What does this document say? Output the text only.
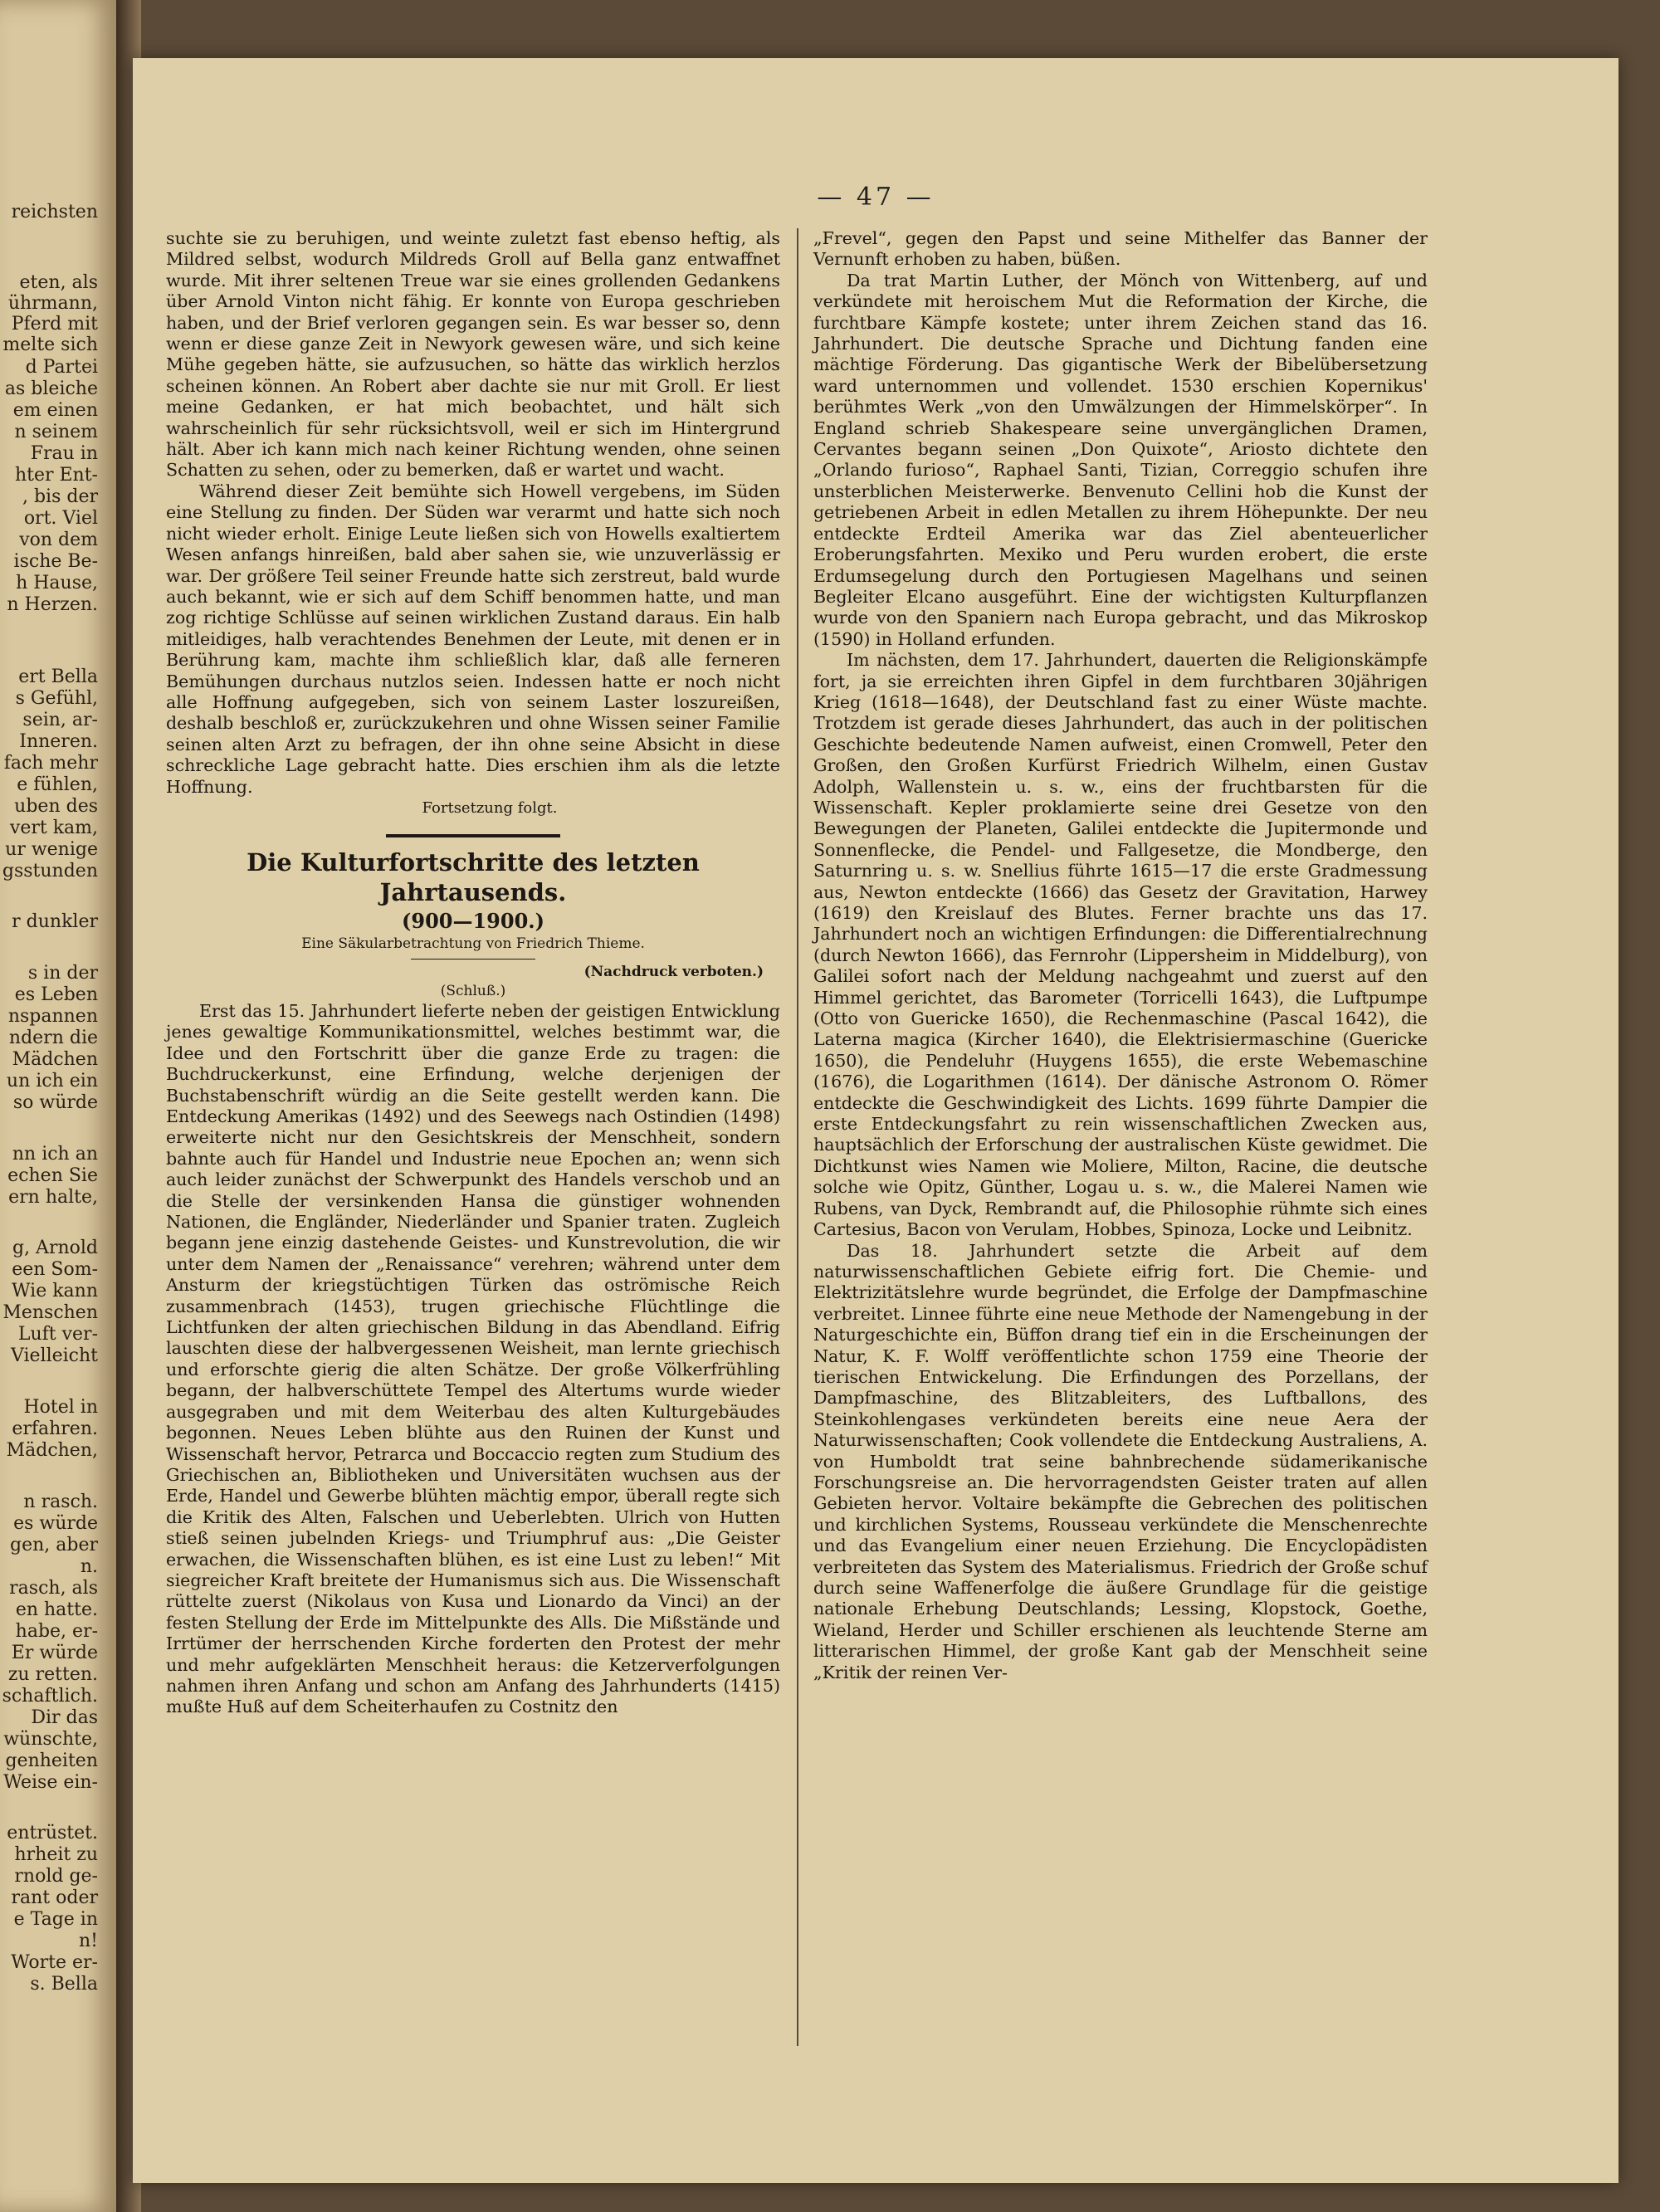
reichsten
eten, als
ührmann,
Pferd mit
melte sich
d Partei
as bleiche
em einen
n seinem
Frau in
hter Ent-
, bis der
ort. Viel
von dem
ische Be-
h Hause,
n Herzen.
ert Bella
s Gefühl,
sein, ar-
Inneren.
fach mehr
e fühlen,
uben des
vert kam,
ur wenige
gsstunden
r dunkler
s in der
es Leben
nspannen
ndern die
Mädchen
un ich ein
so würde
nn ich an
echen Sie
ern halte,
g, Arnold
een Som-
Wie kann
Menschen
Luft ver-
Vielleicht
Hotel in
erfahren.
Mädchen,
n rasch.
es würde
gen, aber
n.
rasch, als
en hatte.
habe, er-
Er würde
zu retten.
schaftlich.
Dir das
wünschte,
genheiten
Weise ein-
entrüstet.
hrheit zu
rnold ge-
rant oder
e Tage in
n!
Worte er-
s. Bella
— 47 —

suchte sie zu beruhigen, und weinte zuletzt fast ebenso heftig, als Mildred selbst, wodurch Mildreds Groll auf Bella ganz entwaffnet wurde. Mit ihrer seltenen Treue war sie eines grollenden Gedankens über Arnold Vinton nicht fähig. Er konnte von Europa geschrieben haben, und der Brief verloren gegangen sein. Es war besser so, denn wenn er diese ganze Zeit in Newyork gewesen wäre, und sich keine Mühe gegeben hätte, sie aufzusuchen, so hätte das wirklich herzlos scheinen können. An Robert aber dachte sie nur mit Groll. Er liest meine Gedanken, er hat mich beobachtet, und hält sich wahrscheinlich für sehr rücksichtsvoll, weil er sich im Hintergrund hält. Aber ich kann mich nach keiner Richtung wenden, ohne seinen Schatten zu sehen, oder zu bemerken, daß er wartet und wacht.

Während dieser Zeit bemühte sich Howell vergebens, im Süden eine Stellung zu finden. Der Süden war verarmt und hatte sich noch nicht wieder erholt. Einige Leute ließen sich von Howells exaltiertem Wesen anfangs hinreißen, bald aber sahen sie, wie unzuverlässig er war. Der größere Teil seiner Freunde hatte sich zerstreut, bald wurde auch bekannt, wie er sich auf dem Schiff benommen hatte, und man zog richtige Schlüsse auf seinen wirklichen Zustand daraus. Ein halb mitleidiges, halb verachtendes Benehmen der Leute, mit denen er in Berührung kam, machte ihm schließlich klar, daß alle ferneren Bemühungen durchaus nutzlos seien. Indessen hatte er noch nicht alle Hoffnung aufgegeben, sich von seinem Laster loszureißen, deshalb beschloß er, zurückzukehren und ohne Wissen seiner Familie seinen alten Arzt zu befragen, der ihn ohne seine Absicht in diese schreckliche Lage gebracht hatte. Dies erschien ihm als die letzte Hoffnung.

Fortsetzung folgt.

Die Kulturfortschritte des letzten Jahrtausends.
(900—1900.)
Eine Säkularbetrachtung von Friedrich Thieme.
(Nachdruck verboten.)
(Schluß.)

Erst das 15. Jahrhundert lieferte neben der geistigen Entwicklung jenes gewaltige Kommunikationsmittel, welches bestimmt war, die Idee und den Fortschritt über die ganze Erde zu tragen: die Buchdruckerkunst, eine Erfindung, welche derjenigen der Buchstabenschrift würdig an die Seite gestellt werden kann. Die Entdeckung Amerikas (1492) und des Seewegs nach Ostindien (1498) erweiterte nicht nur den Gesichtskreis der Menschheit, sondern bahnte auch für Handel und Industrie neue Epochen an; wenn sich auch leider zunächst der Schwerpunkt des Handels verschob und an die Stelle der versinkenden Hansa die günstiger wohnenden Nationen, die Engländer, Niederländer und Spanier traten. Zugleich begann jene einzig dastehende Geistes- und Kunstrevolution, die wir unter dem Namen der „Renaissance“ verehren; während unter dem Ansturm der kriegstüchtigen Türken das oströmische Reich zusammenbrach (1453), trugen griechische Flüchtlinge die Lichtfunken der alten griechischen Bildung in das Abendland. Eifrig lauschten diese der halbvergessenen Weisheit, man lernte griechisch und erforschte gierig die alten Schätze. Der große Völkerfrühling begann, der halbverschüttete Tempel des Altertums wurde wieder ausgegraben und mit dem Weiterbau des alten Kulturgebäudes begonnen. Neues Leben blühte aus den Ruinen der Kunst und Wissenschaft hervor, Petrarca und Boccaccio regten zum Studium des Griechischen an, Bibliotheken und Universitäten wuchsen aus der Erde, Handel und Gewerbe blühten mächtig empor, überall regte sich die Kritik des Alten, Falschen und Ueberlebten. Ulrich von Hutten stieß seinen jubelnden Kriegs- und Triumphruf aus: „Die Geister erwachen, die Wissenschaften blühen, es ist eine Lust zu leben!“ Mit siegreicher Kraft breitete der Humanismus sich aus. Die Wissenschaft rüttelte zuerst (Nikolaus von Kusa und Lionardo da Vinci) an der festen Stellung der Erde im Mittelpunkte des Alls. Die Mißstände und Irrtümer der herrschenden Kirche forderten den Protest der mehr und mehr aufgeklärten Menschheit heraus: die Ketzerverfolgungen nahmen ihren Anfang und schon am Anfang des Jahrhunderts (1415) mußte Huß auf dem Scheiterhaufen zu Costnitz den

„Frevel“, gegen den Papst und seine Mithelfer das Banner der Vernunft erhoben zu haben, büßen.

Da trat Martin Luther, der Mönch von Wittenberg, auf und verkündete mit heroischem Mut die Reformation der Kirche, die furchtbare Kämpfe kostete; unter ihrem Zeichen stand das 16. Jahrhundert. Die deutsche Sprache und Dichtung fanden eine mächtige Förderung. Das gigantische Werk der Bibelübersetzung ward unternommen und vollendet. 1530 erschien Kopernikus' berühmtes Werk „von den Umwälzungen der Himmelskörper“. In England schrieb Shakespeare seine unvergänglichen Dramen, Cervantes begann seinen „Don Quixote“, Ariosto dichtete den „Orlando furioso“, Raphael Santi, Tizian, Correggio schufen ihre unsterblichen Meisterwerke. Benvenuto Cellini hob die Kunst der getriebenen Arbeit in edlen Metallen zu ihrem Höhepunkte. Der neu entdeckte Erdteil Amerika war das Ziel abenteuerlicher Eroberungsfahrten. Mexiko und Peru wurden erobert, die erste Erdumsegelung durch den Portugiesen Magelhans und seinen Begleiter Elcano ausgeführt. Eine der wichtigsten Kulturpflanzen wurde von den Spaniern nach Europa gebracht, und das Mikroskop (1590) in Holland erfunden.

Im nächsten, dem 17. Jahrhundert, dauerten die Religionskämpfe fort, ja sie erreichten ihren Gipfel in dem furchtbaren 30jährigen Krieg (1618—1648), der Deutschland fast zu einer Wüste machte. Trotzdem ist gerade dieses Jahrhundert, das auch in der politischen Geschichte bedeutende Namen aufweist, einen Cromwell, Peter den Großen, den Großen Kurfürst Friedrich Wilhelm, einen Gustav Adolph, Wallenstein u. s. w., eins der fruchtbarsten für die Wissenschaft. Kepler proklamierte seine drei Gesetze von den Bewegungen der Planeten, Galilei entdeckte die Jupitermonde und Sonnenflecke, die Pendel- und Fallgesetze, die Mondberge, den Saturnring u. s. w. Snellius führte 1615—17 die erste Gradmessung aus, Newton entdeckte (1666) das Gesetz der Gravitation, Harwey (1619) den Kreislauf des Blutes. Ferner brachte uns das 17. Jahrhundert noch an wichtigen Erfindungen: die Differentialrechnung (durch Newton 1666), das Fernrohr (Lippersheim in Middelburg), von Galilei sofort nach der Meldung nachgeahmt und zuerst auf den Himmel gerichtet, das Barometer (Torricelli 1643), die Luftpumpe (Otto von Guericke 1650), die Rechenmaschine (Pascal 1642), die Laterna magica (Kircher 1640), die Elektrisiermaschine (Guericke 1650), die Pendeluhr (Huygens 1655), die erste Webemaschine (1676), die Logarithmen (1614). Der dänische Astronom O. Römer entdeckte die Geschwindigkeit des Lichts. 1699 führte Dampier die erste Entdeckungsfahrt zu rein wissenschaftlichen Zwecken aus, hauptsächlich der Erforschung der australischen Küste gewidmet. Die Dichtkunst wies Namen wie Moliere, Milton, Racine, die deutsche solche wie Opitz, Günther, Logau u. s. w., die Malerei Namen wie Rubens, van Dyck, Rembrandt auf, die Philosophie rühmte sich eines Cartesius, Bacon von Verulam, Hobbes, Spinoza, Locke und Leibnitz.

Das 18. Jahrhundert setzte die Arbeit auf dem naturwissenschaftlichen Gebiete eifrig fort. Die Chemie- und Elektrizitätslehre wurde begründet, die Erfolge der Dampfmaschine verbreitet. Linnee führte eine neue Methode der Namengebung in der Naturgeschichte ein, Büffon drang tief ein in die Erscheinungen der Natur, K. F. Wolff veröffentlichte schon 1759 eine Theorie der tierischen Entwickelung. Die Erfindungen des Porzellans, der Dampfmaschine, des Blitzableiters, des Luftballons, des Steinkohlengases verkündeten bereits eine neue Aera der Naturwissenschaften; Cook vollendete die Entdeckung Australiens, A. von Humboldt trat seine bahnbrechende südamerikanische Forschungsreise an. Die hervorragendsten Geister traten auf allen Gebieten hervor. Voltaire bekämpfte die Gebrechen des politischen und kirchlichen Systems, Rousseau verkündete die Menschenrechte und das Evangelium einer neuen Erziehung. Die Encyclopädisten verbreiteten das System des Materialismus. Friedrich der Große schuf durch seine Waffenerfolge die äußere Grundlage für die geistige nationale Erhebung Deutschlands; Lessing, Klopstock, Goethe, Wieland, Herder und Schiller erschienen als leuchtende Sterne am litterarischen Himmel, der große Kant gab der Menschheit seine „Kritik der reinen Ver-
